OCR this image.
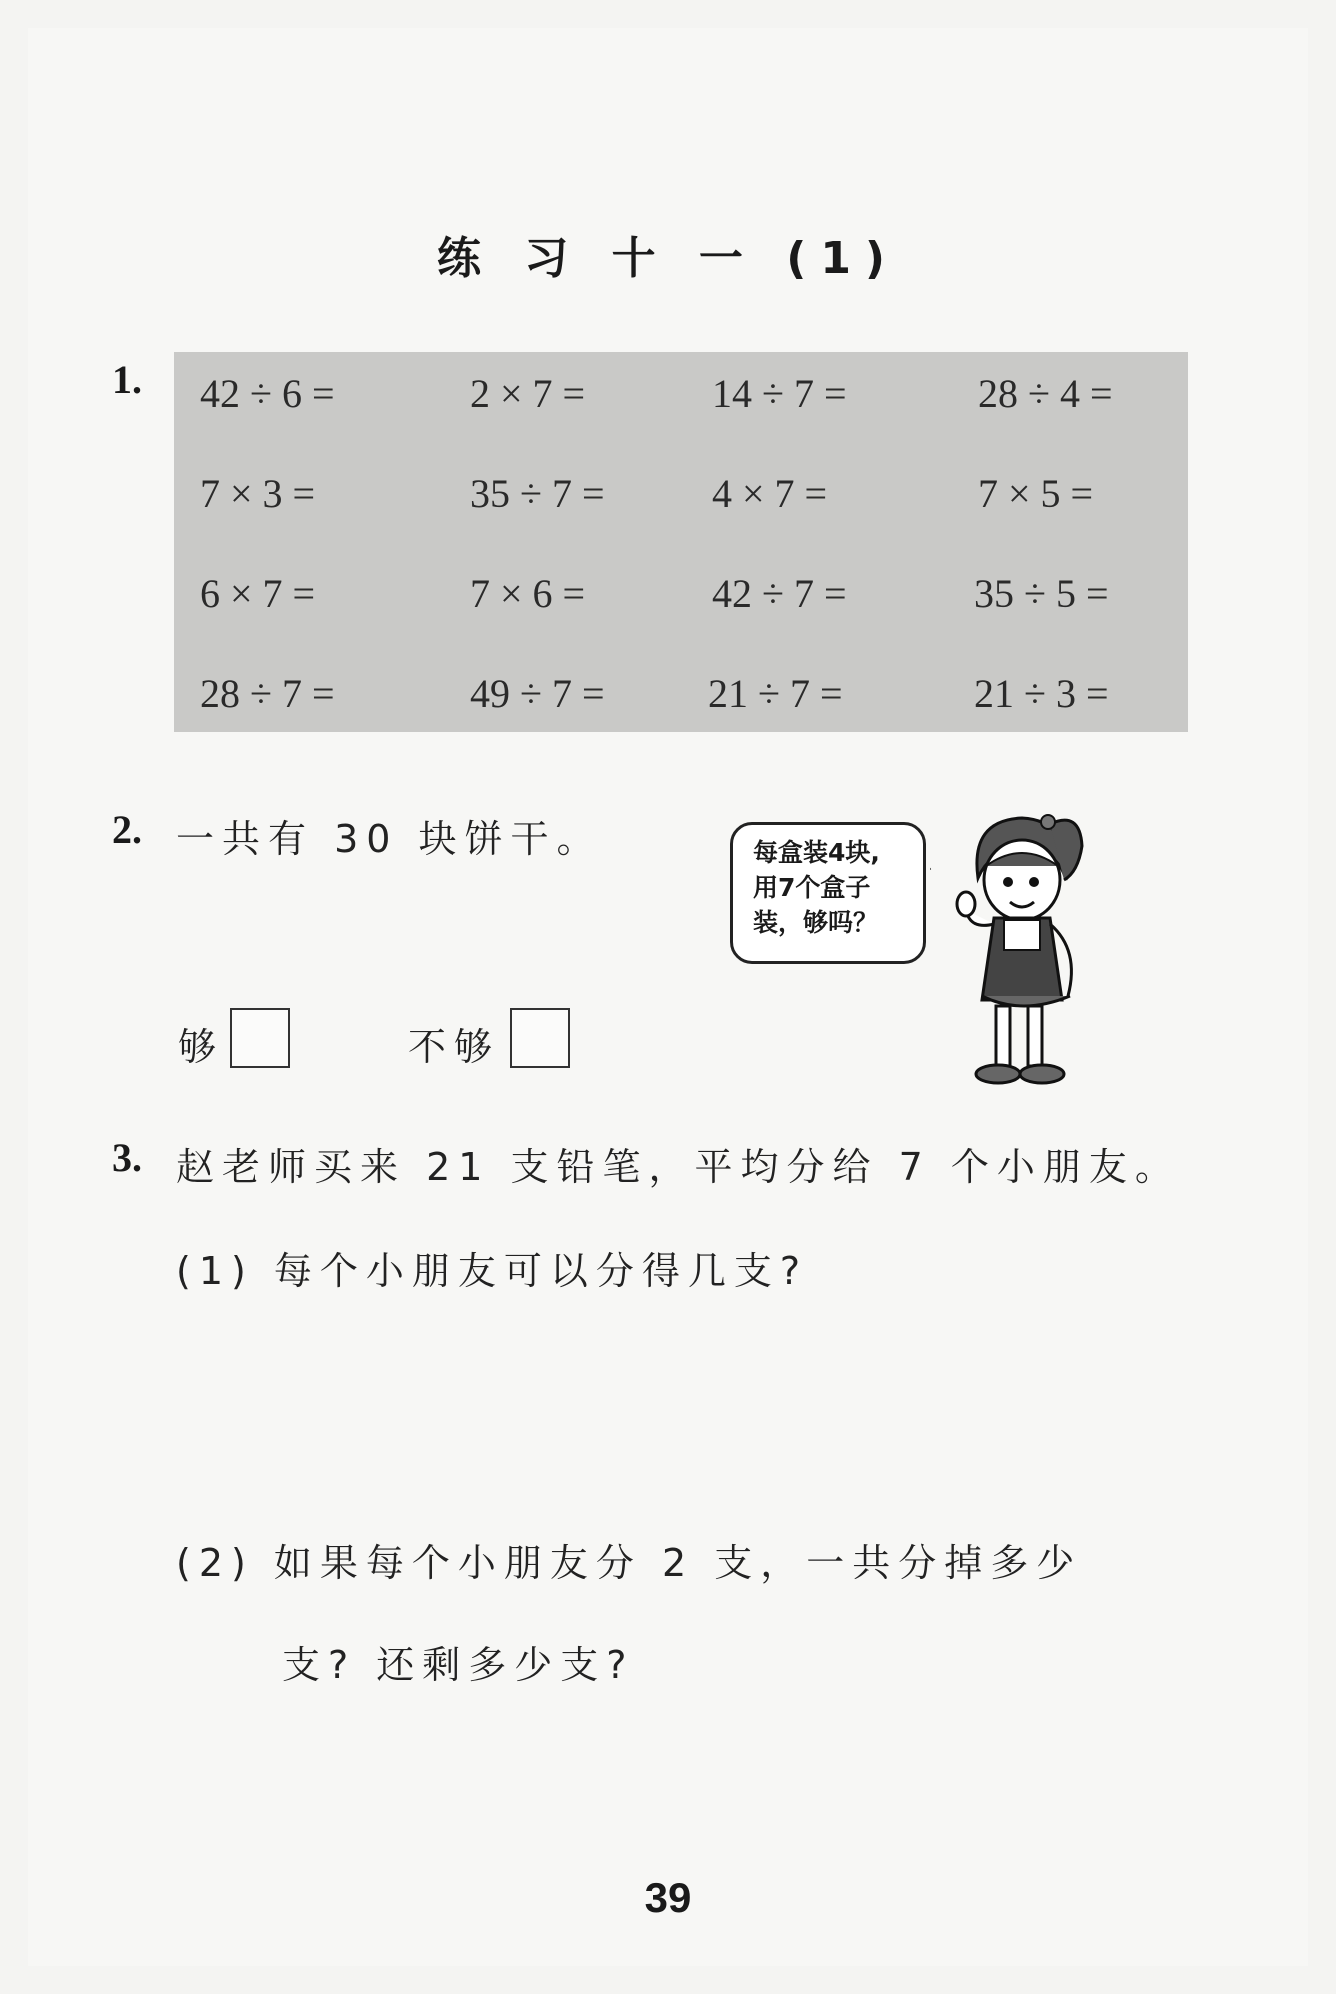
练 习 十 一 (1)
1. 42 ÷ 6 =	2 × 7 =	14 ÷ 7 =	28 ÷ 4 =
7 × 3 =	35 ÷ 7 =	4 × 7 =	7 × 5 =
6 × 7 =	7 × 6 =	42 ÷ 7 =	35 ÷ 5 =
28 ÷ 7 =	49 ÷ 7 =	21 ÷ 7 =	21 ÷ 3 =
2. 一共有 30 块饼干。
够	不够
每盒装4块,
用7个盒子
装，够吗？
3. 赵老师买来 21 支铅笔，平均分给 7 个小朋友。
(1) 每个小朋友可以分得几支?
(2) 如果每个小朋友分 2 支，一共分掉多少
支? 还剩多少支?
39
